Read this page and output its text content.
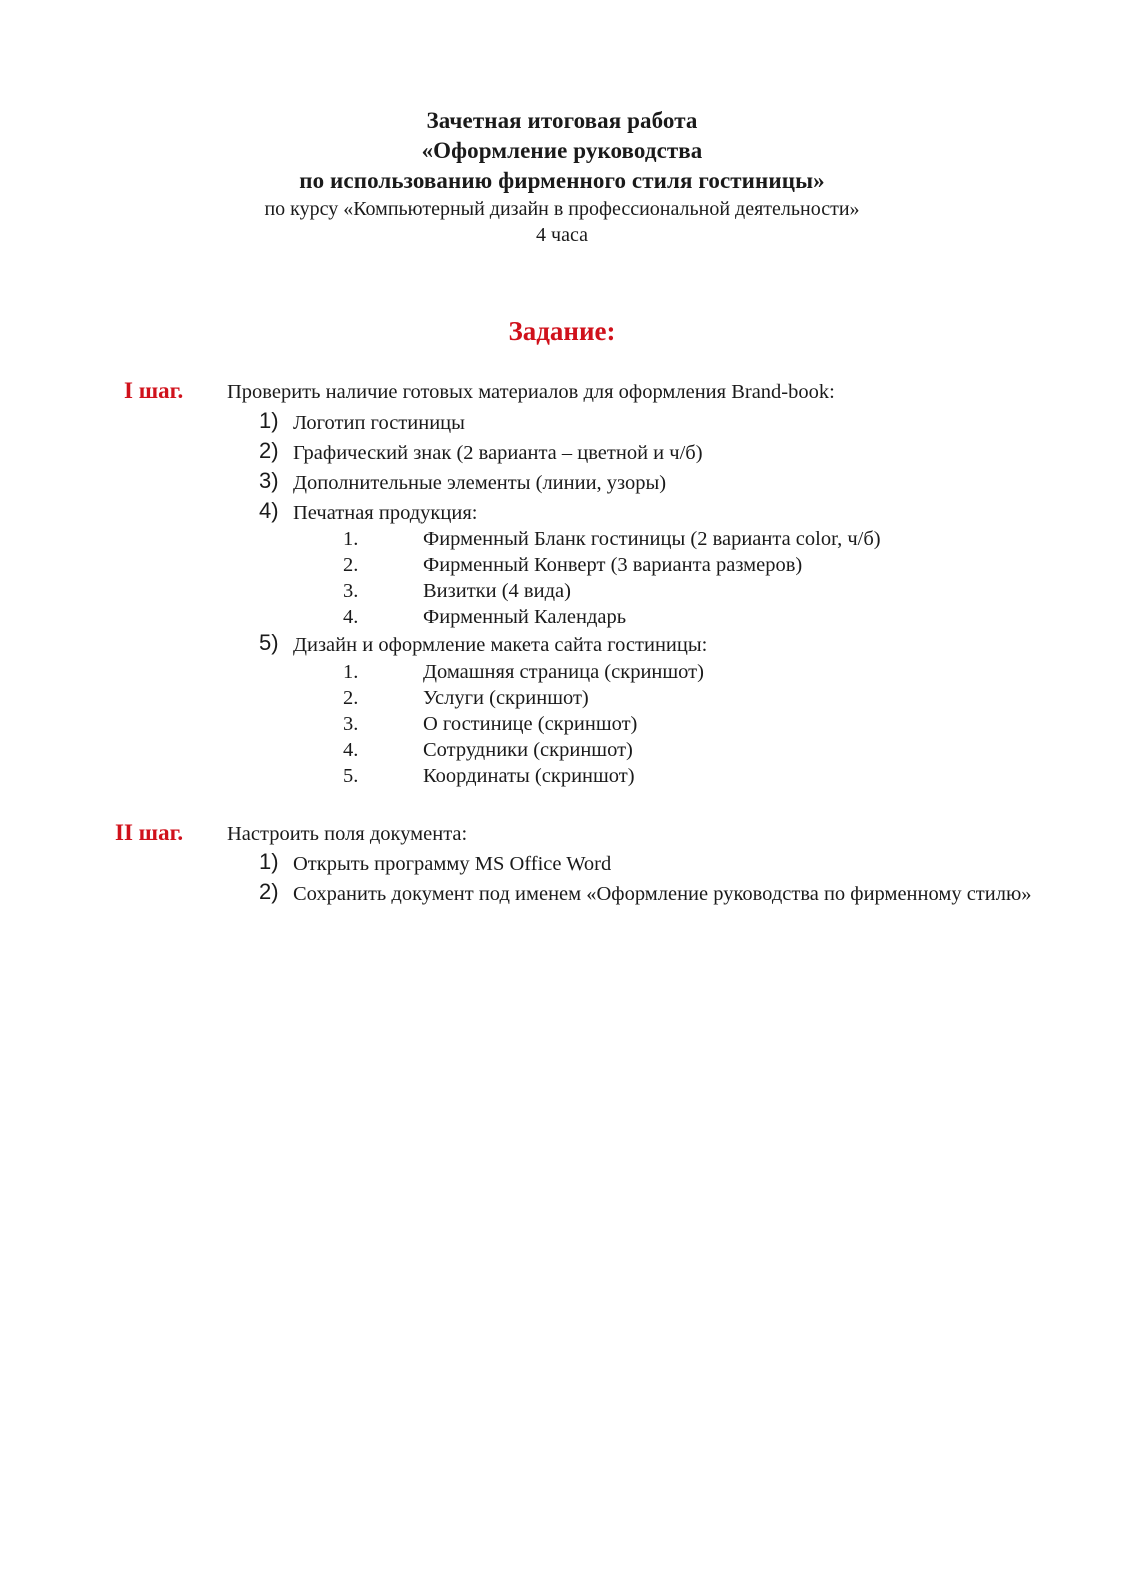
Зачетная итоговая работа
«Оформление руководства
по использованию фирменного стиля гостиницы»
по курсу «Компьютерный дизайн в профессиональной деятельности»
4 часа
Задание:
I шаг. Проверить наличие готовых материалов для оформления Brand-book:
1) Логотип гостиницы
2) Графический знак (2 варианта – цветной и ч/б)
3) Дополнительные элементы (линии, узоры)
4) Печатная продукция:
1.	Фирменный Бланк гостиницы (2 варианта color, ч/б)
2.	Фирменный Конверт (3 варианта размеров)
3.	Визитки (4 вида)
4.	Фирменный Календарь
5) Дизайн и оформление макета сайта гостиницы:
1.	Домашняя страница (скриншот)
2.	Услуги (скриншот)
3.	О гостинице (скриншот)
4.	Сотрудники (скриншот)
5.	Координаты (скриншот)
II шаг. Настроить поля документа:
1) Открыть программу MS Office Word
2) Сохранить документ под именем «Оформление руководства по фирменному стилю»
